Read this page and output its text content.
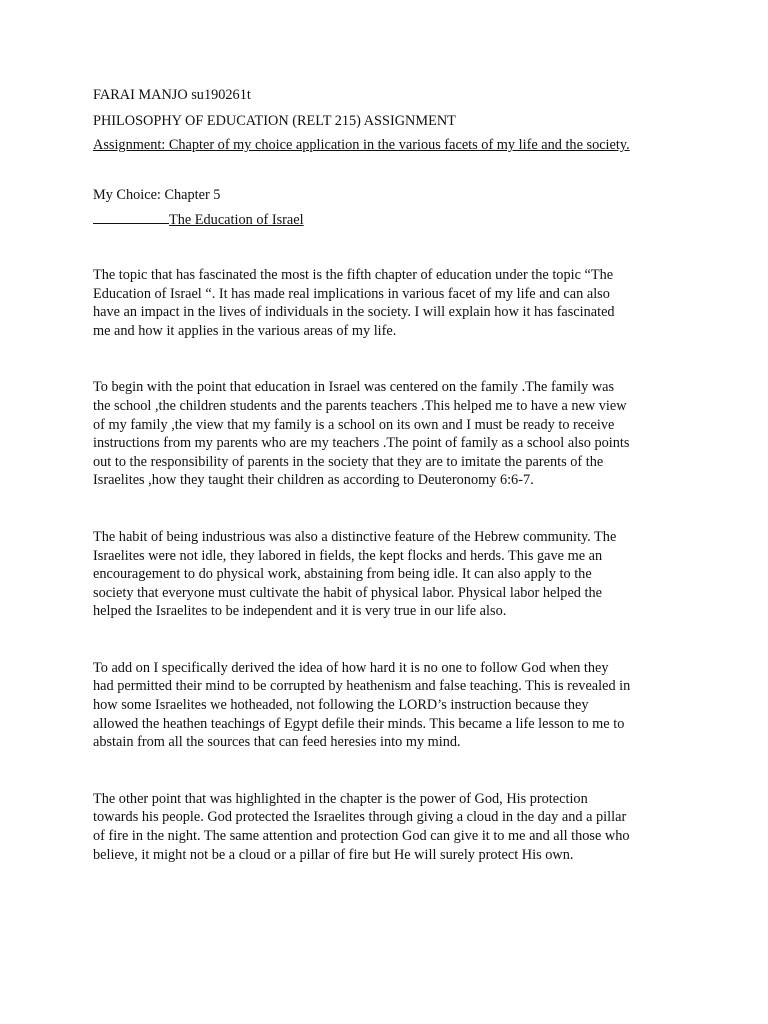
FARAI MANJO su190261t

PHILOSOPHY OF EDUCATION (RELT 215) ASSIGNMENT

Assignment: Chapter of my choice application in the various facets of my life and the society.

My Choice: Chapter 5

The Education of Israel

The topic that has fascinated the most is the fifth chapter of education under the topic “The

Education of Israel “. It has made real implications in various facet of my life and can also

have an impact in the lives of individuals in the society. I will explain how it has fascinated

me and how it applies in the various areas of my life.

To begin with the point that education in Israel was centered on the family .The family was

the school ,the children students and the parents teachers .This helped me to have a new view

of my family ,the view that my family is a school on its own and I must be ready to receive

instructions from my parents who are my teachers .The point of family as a school also points

out to the responsibility of parents in the society that they are to imitate the parents of the

Israelites ,how they taught their children as according to Deuteronomy 6:6-7.

The habit of being industrious was also a distinctive feature of the Hebrew community. The

Israelites were not idle, they labored in fields, the kept flocks and herds. This gave me an

encouragement to do physical work, abstaining from being idle. It can also apply to the

society that everyone must cultivate the habit of physical labor. Physical labor helped the

helped the Israelites to be independent and it is very true in our life also.

To add on I specifically derived the idea of how hard it is no one to follow God when they

had permitted their mind to be corrupted by heathenism and false teaching. This is revealed in

how some Israelites we hotheaded, not following the LORD’s instruction because they

allowed the heathen teachings of Egypt defile their minds. This became a life lesson to me to

abstain from all the sources that can feed heresies into my mind.

The other point that was highlighted in the chapter is the power of God, His protection

towards his people. God protected the Israelites through giving a cloud in the day and a pillar

of fire in the night. The same attention and protection God can give it to me and all those who

believe, it might not be a cloud or a pillar of fire but He will surely protect His own.
